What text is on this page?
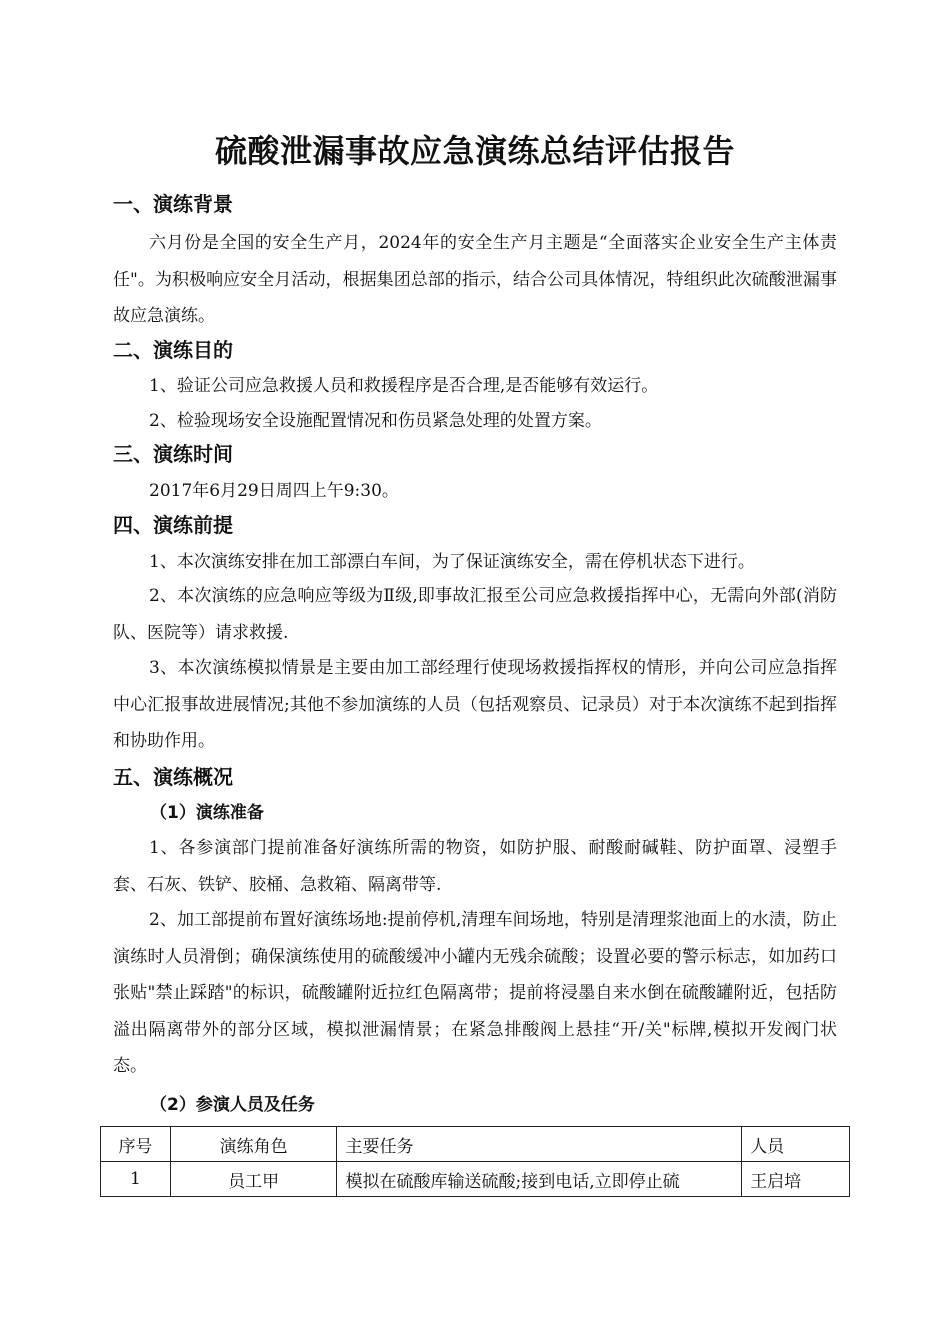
硫酸泄漏事故应急演练总结评估报告
一、演练背景

六月份是全国的安全生产月，2024年的安全生产月主题是“全面落实企业安全生产主体责任"。为积极响应安全月活动，根据集团总部的指示，结合公司具体情况，特组织此次硫酸泄漏事故应急演练。

二、演练目的

1、验证公司应急救援人员和救援程序是否合理,是否能够有效运行。

2、检验现场安全设施配置情况和伤员紧急处理的处置方案。

三、演练时间

2017年6月29日周四上午9:30。

四、演练前提

1、本次演练安排在加工部漂白车间，为了保证演练安全，需在停机状态下进行。

2、本次演练的应急响应等级为Ⅱ级,即事故汇报至公司应急救援指挥中心，无需向外部(消防队、医院等）请求救援.

3、本次演练模拟情景是主要由加工部经理行使现场救援指挥权的情形，并向公司应急指挥中心汇报事故进展情况;其他不参加演练的人员（包括观察员、记录员）对于本次演练不起到指挥和协助作用。

五、演练概况
（1）演练准备

1、各参演部门提前准备好演练所需的物资，如防护服、耐酸耐碱鞋、防护面罩、浸塑手套、石灰、铁铲、胶桶、急救箱、隔离带等.

2、加工部提前布置好演练场地:提前停机,清理车间场地，特别是清理浆池面上的水渍，防止演练时人员滑倒；确保演练使用的硫酸缓冲小罐内无残余硫酸；设置必要的警示标志，如加药口张贴"禁止踩踏"的标识，硫酸罐附近拉红色隔离带；提前将浸墨自来水倒在硫酸罐附近，包括防溢出隔离带外的部分区域，模拟泄漏情景；在紧急排酸阀上悬挂“开/关"标牌,模拟开发阀门状态。

（2）参演人员及任务
序号	演练角色	主要任务	人员
1	员工甲	模拟在硫酸库输送硫酸;接到电话,立即停止硫	王启培
